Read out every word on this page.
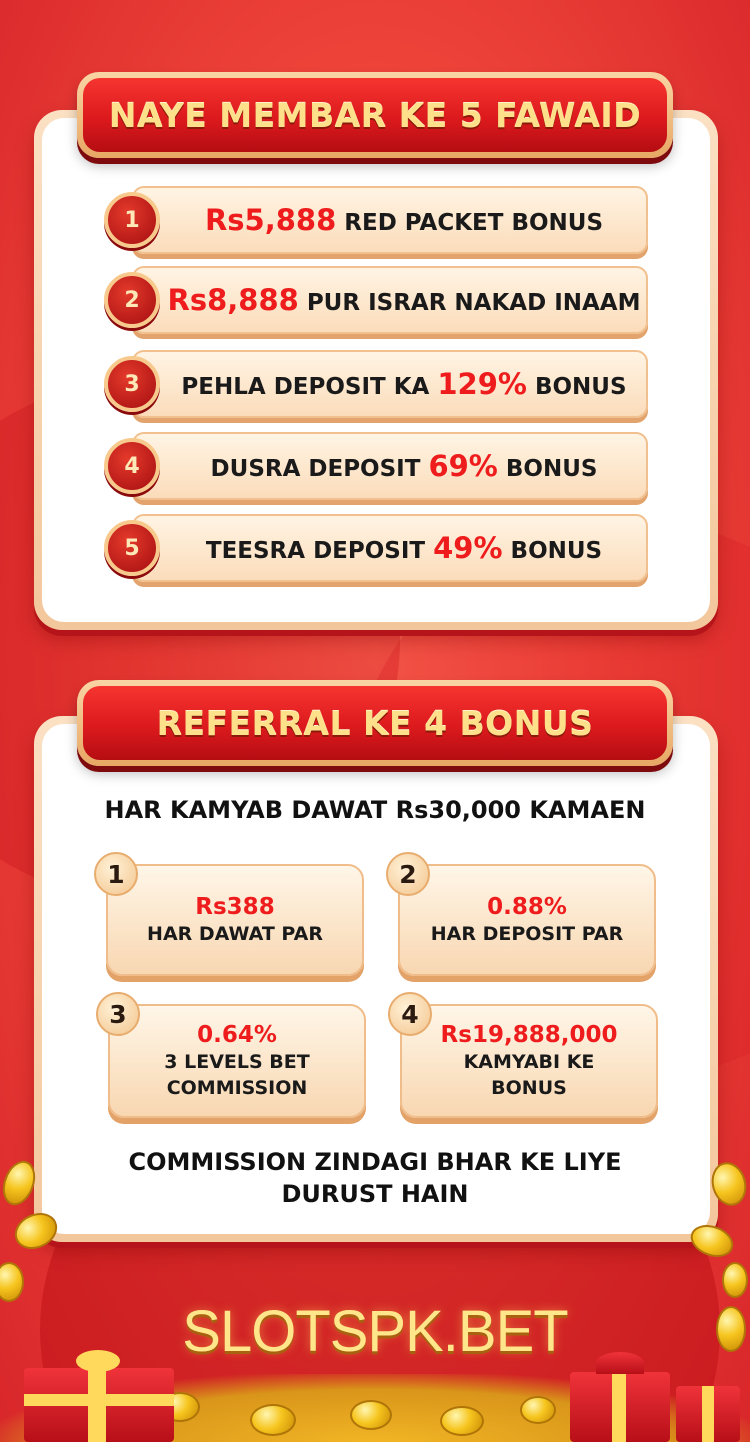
NAYE MEMBAR KE 5 FAWAID
1	Rs5,888 RED PACKET BONUS
2 Rs8,888 PUR ISRAR NAKAD INAAM
3	PEHLA DEPOSIT KA 129% BONUS
4	DUSRA DEPOSIT 69% BONUS
5	TEESRA DEPOSIT 49% BONUS
REFERRAL KE 4 BONUS
HAR KAMYAB DAWAT Rs30,000 KAMAEN
1
Rs388
HAR DAWAT PAR
2
0.88%
HAR DEPOSIT PAR
3
0.64%
3 LEVELS BET
COMMISSION
4
Rs19,888,000
KAMYABI KE
BONUS
COMMISSION ZINDAGI BHAR KE LIYE
DURUST HAIN
SLOTSPK.BET
